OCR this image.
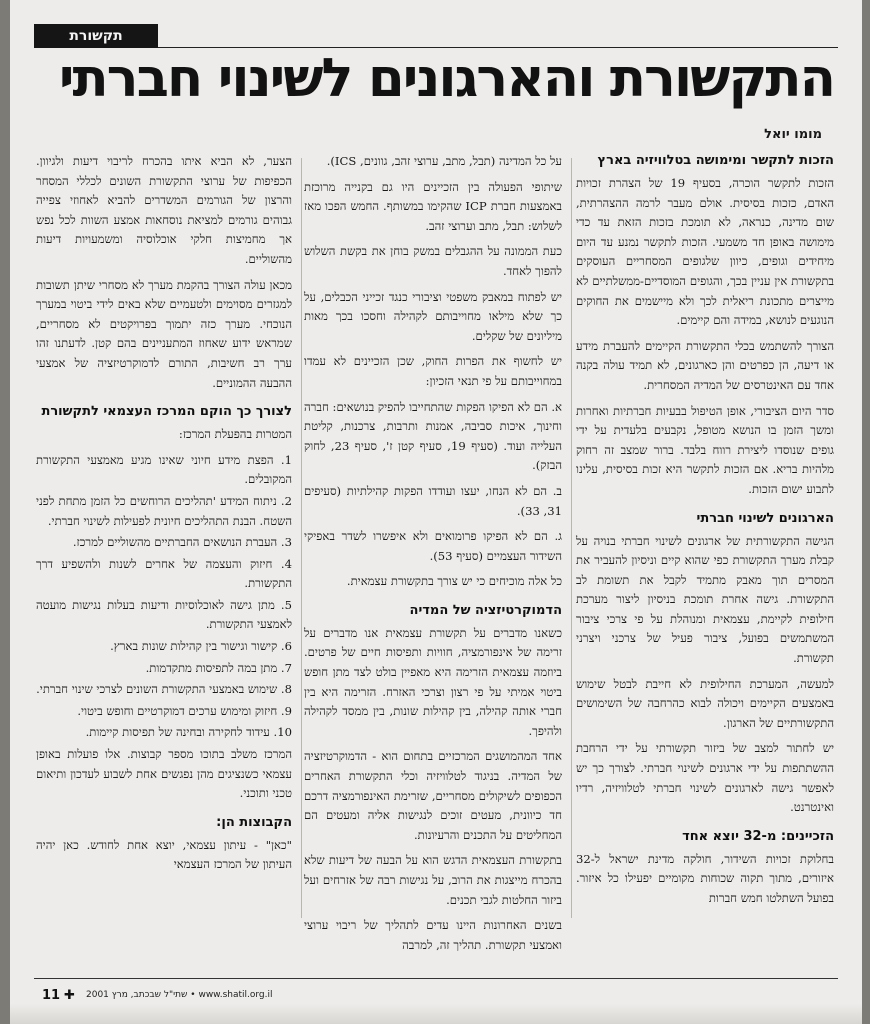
תקשורת
התקשורת והארגונים לשינוי חברתי
מומו יואל
הזכות לתקשר ומימושה בטלוויזיה בארץ

הזכות לתקשר הוכרה, בסעיף 19 של הצהרת זכויות האדם, כזכות בסיסית. אולם מעבר לרמה ההצהרתית, שום מדינה, כנראה, לא תומכת בזכות הזאת עד כדי מימושה באופן חד משמעי. הזכות לתקשר נמנע עד היום מיחידים וגופים, כיוון שלגופים המסחריים העוסקים בתקשורת אין עניין בכך, והגופים המוסדיים-ממשלתיים לא מייצרים מתכונת ריאלית לכך ולא מיישמים את החוקים הנוגעים לנושא, במידה והם קיימים.

הצורך להשתמש בכלי התקשורת הקיימים להעברת מידע או דיעה, הן כפרטים והן כארגונים, לא תמיד עולה בקנה אחד עם האינטרסים של המדיה המסחרית.

סדר היום הציבורי, אופן הטיפול בבעיות חברתיות ואחרות ומשך הזמן בו הנושא מטופל, נקבעים בלעדית על ידי גופים שנוסדו ליצירת רווח בלבד. ברור שמצב זה רחוק מלהיות בריא. אם הזכות לתקשר היא זכות בסיסית, עלינו לתבוע ישום הזכות.

הארגונים לשינוי חברתי

הגישה התקשורתית של ארגונים לשינוי חברתי בנויה על קבלת מערך התקשורת כפי שהוא קיים וניסיון להעביר את המסרים תוך מאבק מתמיד לקבל את תשומת לב התקשורת. גישה אחרת תומכת בניסיון ליצור מערכת חילופית לקיימת, עצמאית ומנוהלת על פי צרכי ציבור המשתמשים בפועל, ציבור פעיל של צרכני ויצרני תקשורת.

למעשה, המערכת החילופית לא חייבת לבטל שימוש באמצעים הקיימים ויכולה לבוא כהרחבה של השימושים התקשורתיים של הארגון.

יש לחתור למצב של ביזור תקשורתי על ידי הרחבת ההשתתפות על ידי ארגונים לשינוי חברתי. לצורך כך יש לאפשר גישה לארגונים לשינוי חברתי לטלוויזיה, רדיו ואינטרנט.

הזכיינים: מ-32 יוצא אחד

בחלוקת זכויות השידור, חולקה מדינת ישראל ל-32 איזורים, מתוך תקוה שכוחות מקומיים יפעילו כל איזור. בפועל השתלטו חמש חברות

על כל המדינה (תבל, מתב, ערוצי זהב, גוונים, ICS).

שיתופי הפעולה בין הזכיינים היו גם בקנייה מרוכזת באמצעות חברת ICP שהקימו במשותף. החמש הפכו מאז לשלוש: תבל, מתב וערוצי זהב.

כעת הממונה על ההגבלים במשק בוחן את בקשת השלוש להפוך לאחד.

יש לפתוח במאבק משפטי וציבורי כנגד זכייני הכבלים, על כך שלא מילאו מחוייבותם לקהילה וחסכו בכך מאות מיליונים של שקלים.

יש לחשוף את הפרות החוק, שכן הזכיינים לא עמדו במחוייבותם על פי תנאי הזכיון:

א. הם לא הפיקו הפקות שהתחייבו להפיק בנושאים: חברה וחינוך, איכות סביבה, אמנות ותרבות, צרכנות, קליטת העלייה ועוד. (סעיף 19, סעיף קטן ז', סעיף 23, לחוק הבזק).

ב. הם לא הנחו, יעצו ועודדו הפקות קהילתיות (סעיפים 31, 33).

ג. הם לא הפיקו פרומואים ולא איפשרו לשדר באפיקי השידור העצמיים (סעיף 53).

כל אלה מוכיחים כי יש צורך בתקשורת עצמאית.

הדמוקרטיזציה של המדיה

כשאנו מדברים על תקשורת עצמאית אנו מדברים על זרימה של אינפורמציה, חוויות ותפיסות חיים של פרטים. ביוזמה עצמאית הזרימה היא מאפיין בולט לצד מתן חופש ביטוי אמיתי על פי רצון וצרכי האזרח. הזרימה היא בין חברי אותה קהילה, בין קהילות שונות, בין ממסד לקהילה ולהיפך.

אחד המהמושגים המרכזיים בתחום הוא - הדמוקרטיזציה של המדיה. בניגוד לטלוויזיה וכלי התקשורת האחרים הכפופים לשיקולים מסחריים, שזרימת האינפורמציה דרכם חד כיוונית, מעטים זוכים לנגישות אליה ומעטים הם המחליטים על התכנים והרעיונות.

בתקשורת העצמאית הדגש הוא על הבעה של דיעות שלא בהכרח מייצגות את הרוב, על נגישות רבה של אזרחים ועל ביזור החלטות לגבי תכנים.

בשנים האחרונות היינו עדים לתהליך של ריבוי ערוצי ואמצעי תקשורת. תהליך זה, למרבה

הצער, לא הביא איתו בהכרח לריבוי דיעות ולגיוון. הכפיפות של ערוצי התקשורת השונים לכללי המסחר והרצון של הגורמים המשדרים להביא לאחוזי צפייה גבוהים גורמים למציאת נוסחאות אמצע השוות לכל נפש אך מחמיצות חלקי אוכלוסיה ומשמעויות דיעות מהשוליים.

מכאן עולה הצורך בהקמת מערך לא מסחרי שיתן תשובות למגזרים מסוימים ולטעמיים שלא באים לידי ביטוי במערך הנוכחי. מערך כזה יתמוך בפרויקטים לא מסחריים, שמראש ידוע שאחוז המתעניינים בהם קטן. לדעתנו זהו ערך רב חשיבות, התורם לדמוקרטיזציה של אמצעי ההבעה ההמוניים.

לצורך כך הוקם המרכז העצמאי לתקשורת

המטרות בהפעלת המרכז:

1. הפצת מידע חיוני שאינו מגיע מאמצעי התקשורת המקובלים.
2. ניתוח המידע 'תהליכים הרוחשים כל הזמן מתחת לפני השטח. הבנת התהליכים חיונית לפעילות לשינוי חברתי.
3. העברת הנושאים החברתיים מהשוליים למרכז.
4. חיזוק והעצמה של אחרים לשנות ולהשפיע דרך התקשורת.
5. מתן גישה לאוכלוסיות ודיעות בעלות נגישות מועטה לאמצעי התקשורת.
6. קישור וגישור בין קהילות שונות בארץ.
7. מתן במה לתפיסות מתקדמות.
8. שימוש באמצעי התקשורת השונים לצרכי שינוי חברתי.
9. חיזוק ומימוש ערכים דמוקרטיים וחופש ביטוי.
10. עידוד לחקירה ובחינה של תפיסות קיימות.

המרכז משלב בתוכו מספר קבוצות. אלו פועלות באופן עצמאי כשנציגים מהן נפגשים אחת לשבוע לעדכון ותיאום טכני ותוכני.

הקבוצות הן:

"כאן" - עיתון עצמאי, יוצא אחת לחודש. כאן יהיה העיתון של המרכז העצמאי

11 ✚ www.shatil.org.il • שתי"ל שבכתב, מרץ 2001
